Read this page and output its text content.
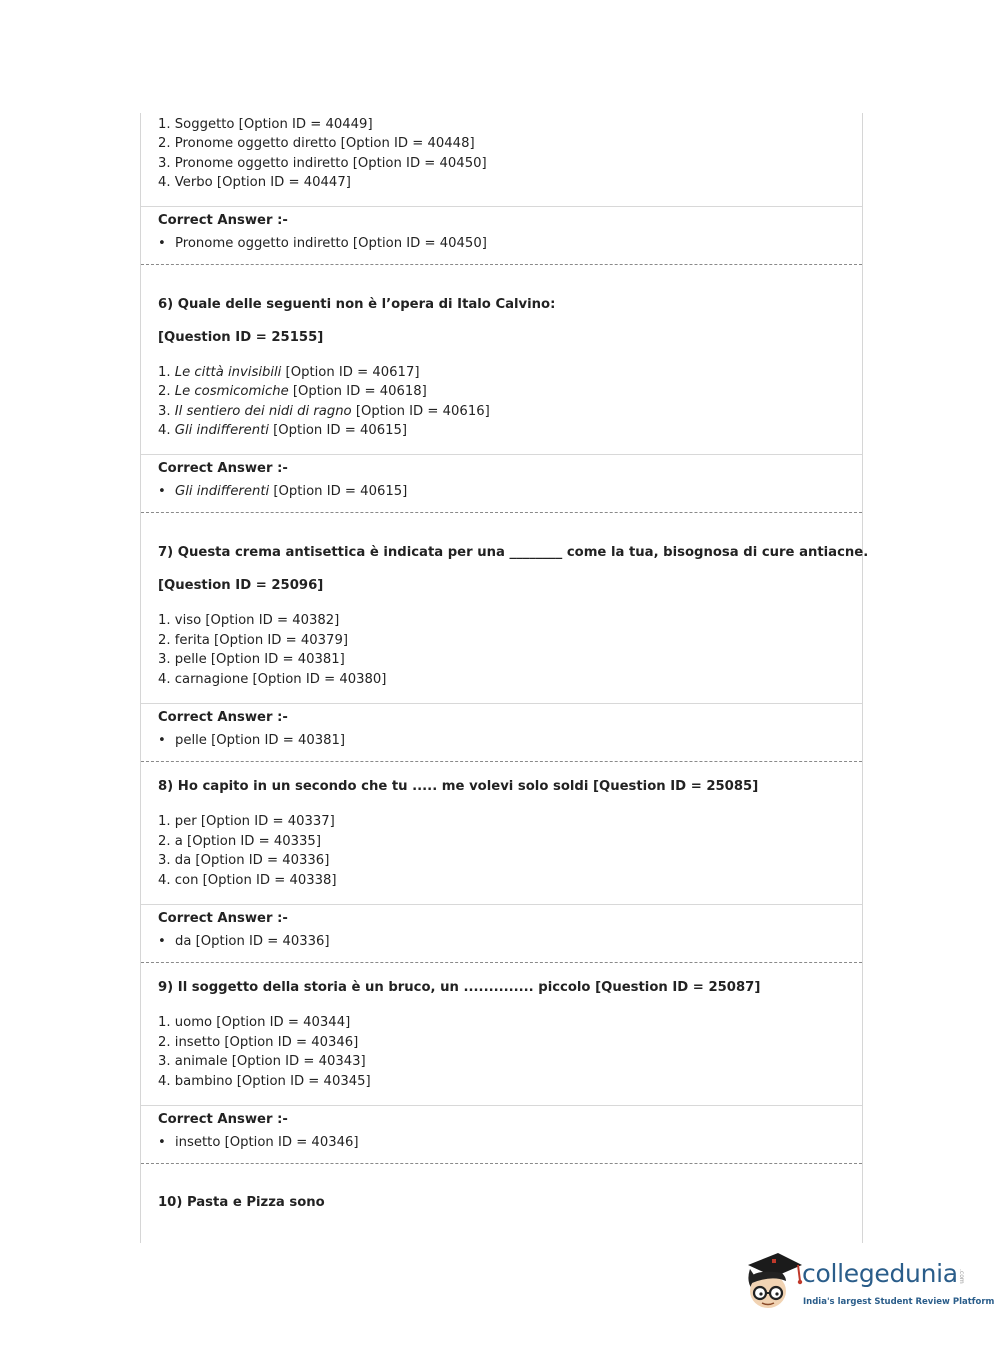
1. Soggetto [Option ID = 40449]
2. Pronome oggetto diretto [Option ID = 40448]
3. Pronome oggetto indiretto [Option ID = 40450]
4. Verbo [Option ID = 40447]
Correct Answer :-
• Pronome oggetto indiretto [Option ID = 40450]
6) Quale delle seguenti non è l’opera di Italo Calvino:
[Question ID = 25155]
1. Le città invisibili [Option ID = 40617]
2. Le cosmicomiche [Option ID = 40618]
3. Il sentiero dei nidi di ragno [Option ID = 40616]
4. Gli indifferenti [Option ID = 40615]
Correct Answer :-
• Gli indifferenti [Option ID = 40615]
7) Questa crema antisettica è indicata per una ________ come la tua, bisognosa di cure antiacne.
[Question ID = 25096]
1. viso [Option ID = 40382]
2. ferita [Option ID = 40379]
3. pelle [Option ID = 40381]
4. carnagione [Option ID = 40380]
Correct Answer :-
• pelle [Option ID = 40381]
8) Ho capito in un secondo che tu ..... me volevi solo soldi [Question ID = 25085]
1. per [Option ID = 40337]
2. a [Option ID = 40335]
3. da [Option ID = 40336]
4. con [Option ID = 40338]
Correct Answer :-
• da [Option ID = 40336]
9) Il soggetto della storia è un bruco, un .............. piccolo [Question ID = 25087]
1. uomo [Option ID = 40344]
2. insetto [Option ID = 40346]
3. animale [Option ID = 40343]
4. bambino [Option ID = 40345]
Correct Answer :-
• insetto [Option ID = 40346]
10) Pasta e Pizza sono
collegedunia .com
India's largest Student Review Platform
